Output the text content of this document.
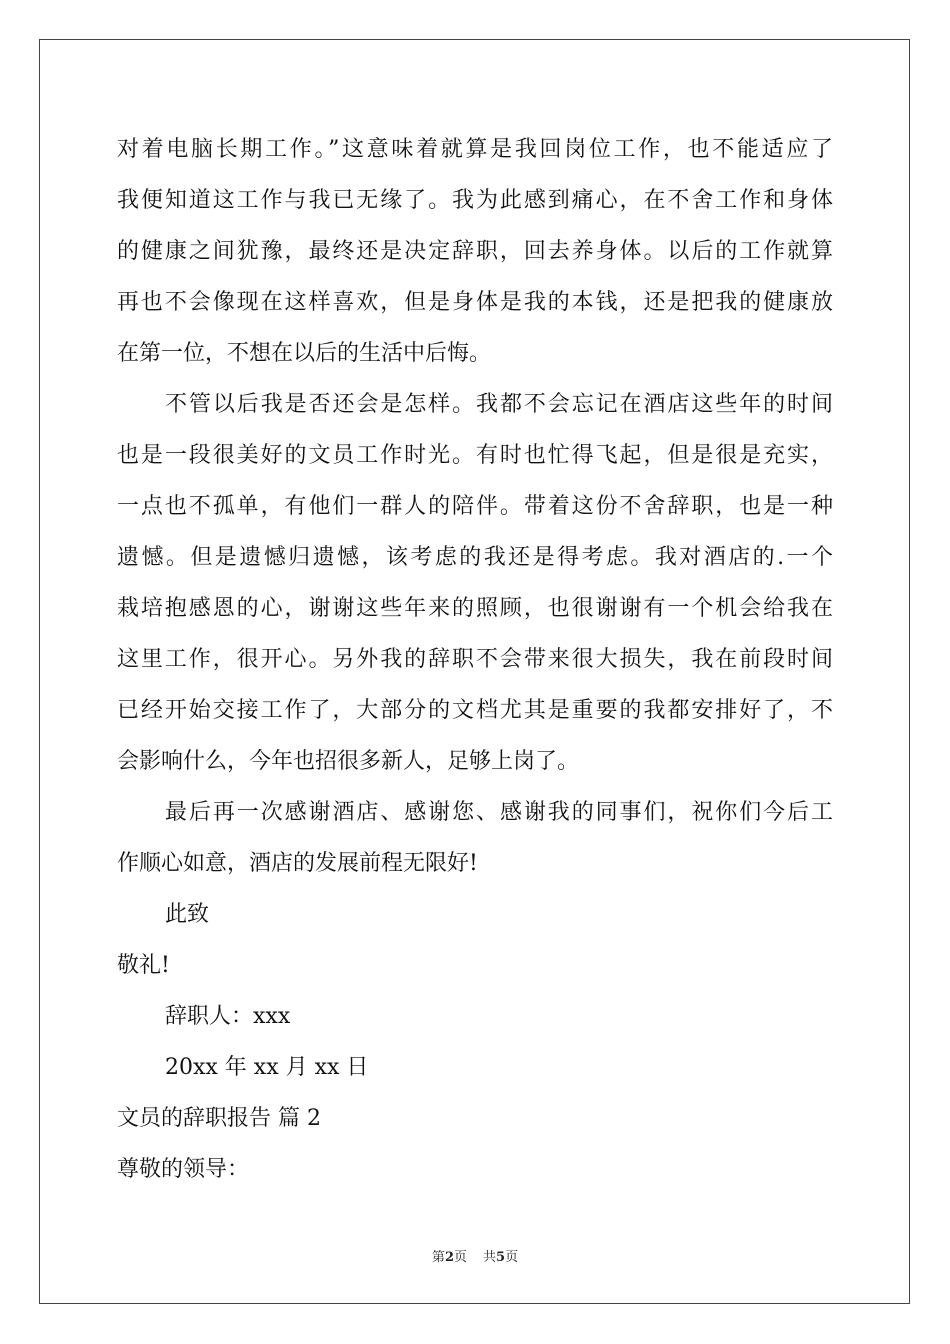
对着电脑长期工作。”这意味着就算是我回岗位工作，也不能适应了
我便知道这工作与我已无缘了。我为此感到痛心，在不舍工作和身体
的健康之间犹豫，最终还是决定辞职，回去养身体。以后的工作就算
再也不会像现在这样喜欢，但是身体是我的本钱，还是把我的健康放
在第一位，不想在以后的生活中后悔。
不管以后我是否还会是怎样。我都不会忘记在酒店这些年的时间
也是一段很美好的文员工作时光。有时也忙得飞起，但是很是充实，
一点也不孤单，有他们一群人的陪伴。带着这份不舍辞职，也是一种
遗憾。但是遗憾归遗憾，该考虑的我还是得考虑。我对酒店的.一个
栽培抱感恩的心，谢谢这些年来的照顾，也很谢谢有一个机会给我在
这里工作，很开心。另外我的辞职不会带来很大损失，我在前段时间
已经开始交接工作了，大部分的文档尤其是重要的我都安排好了，不
会影响什么，今年也招很多新人，足够上岗了。
最后再一次感谢酒店、感谢您、感谢我的同事们，祝你们今后工
作顺心如意，酒店的发展前程无限好!
此致
敬礼!
辞职人：xxx
20xx 年 xx 月 xx 日
文员的辞职报告 篇 2
尊敬的领导：
第2页 共5页
